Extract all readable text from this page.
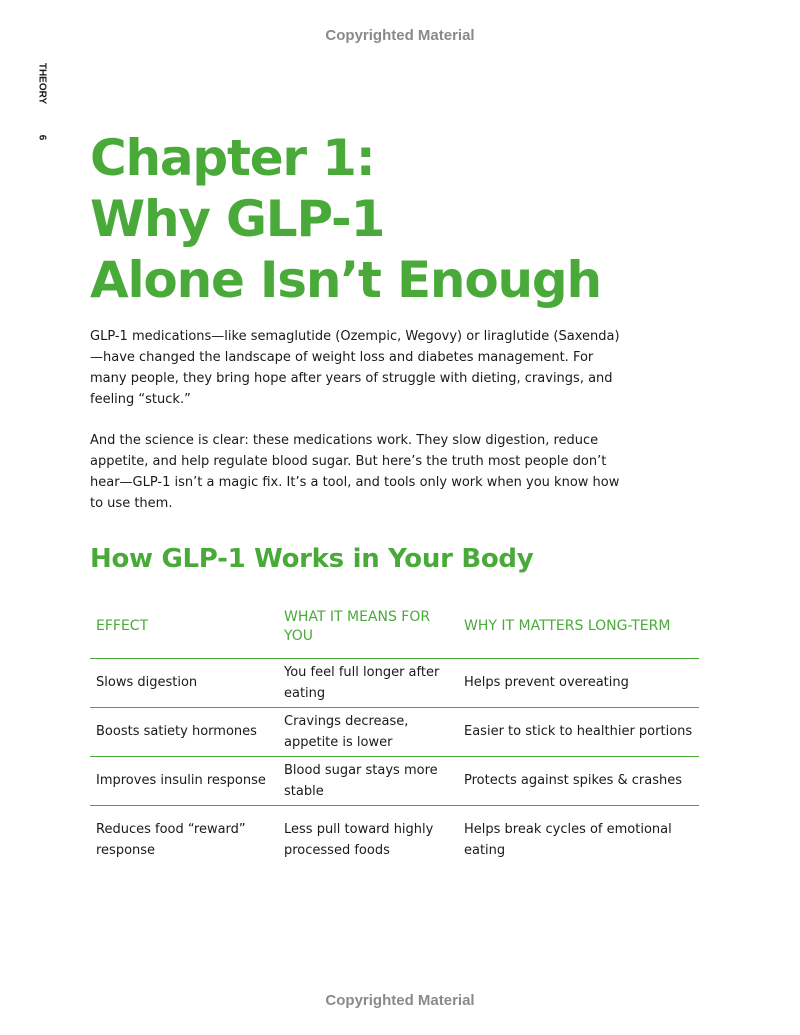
Copyrighted Material
THEORY
6 Chapter 1:
Why GLP-1
Alone Isn’t Enough

GLP-1 medications—like semaglutide (Ozempic, Wegovy) or liraglutide (Saxenda)—have changed the landscape of weight loss and diabetes management. For many people, they bring hope after years of struggle with dieting, cravings, and feeling “stuck.”

And the science is clear: these medications work. They slow digestion, reduce appetite, and help regulate blood sugar. But here’s the truth most people don’t hear—GLP-1 isn’t a magic fix. It’s a tool, and tools only work when you know how to use them.

How GLP-1 Works in Your Body
EFFECT	WHAT IT MEANS FOR YOU	WHY IT MATTERS LONG-TERM
Slows digestion	You feel full longer after eating	Helps prevent overeating
Boosts satiety hormones	Cravings decrease, appetite is lower	Easier to stick to healthier portions
Improves insulin response	Blood sugar stays more stable	Protects against spikes & crashes
Reduces food “reward” response	Less pull toward highly processed foods	Helps break cycles of emotional eating
Copyrighted Material
